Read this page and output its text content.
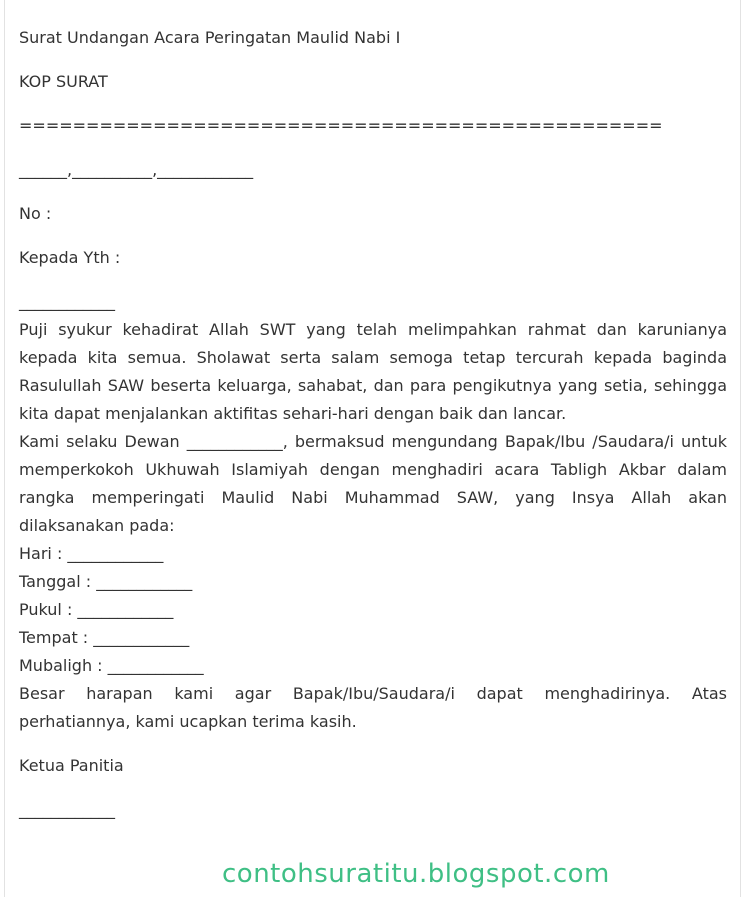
Surat Undangan Acara Peringatan Maulid Nabi I

KOP SURAT

================================================

______,__________,____________

No :

Kepada Yth :

____________

Puji syukur kehadirat Allah SWT yang telah melimpahkan rahmat dan karunianya kepada kita semua. Sholawat serta salam semoga tetap tercurah kepada baginda Rasulullah SAW beserta keluarga, sahabat, dan para pengikutnya yang setia, sehingga kita dapat menjalankan aktifitas sehari-hari dengan baik dan lancar.

Kami selaku Dewan ____________, bermaksud mengundang Bapak/Ibu /Saudara/i untuk memperkokoh Ukhuwah Islamiyah dengan menghadiri acara Tabligh Akbar dalam rangka memperingati Maulid Nabi Muhammad SAW, yang Insya Allah akan dilaksanakan pada:

Hari : ____________

Tanggal : ____________

Pukul : ____________

Tempat : ____________

Mubaligh : ____________

Besar harapan kami agar Bapak/Ibu/Saudara/i dapat menghadirinya. Atas perhatiannya, kami ucapkan terima kasih.

Ketua Panitia

____________

contohsuratitu.blogspot.com
